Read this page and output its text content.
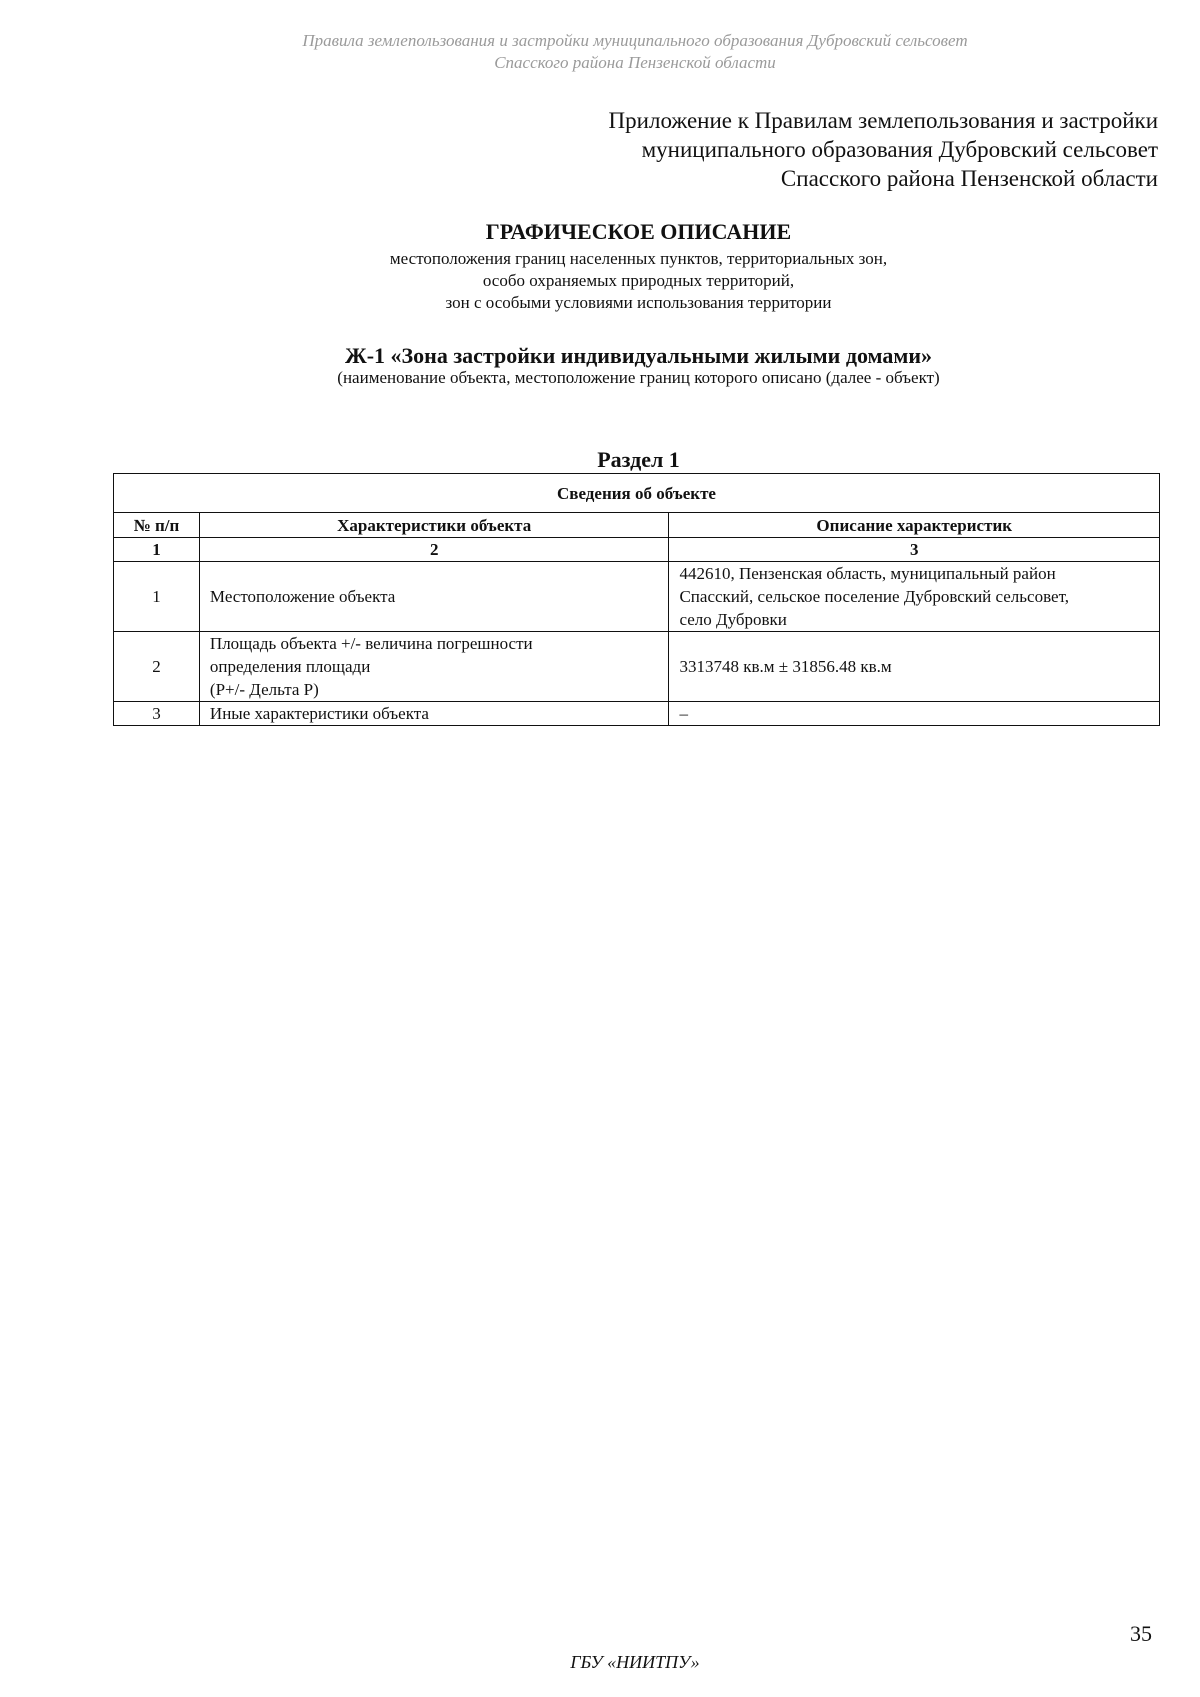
Правила землепользования и застройки муниципального образования Дубровский сельсовет
Спасского района Пензенской области
Приложение к Правилам землепользования и застройки
муниципального образования Дубровский сельсовет
Спасского района Пензенской области
ГРАФИЧЕСКОЕ ОПИСАНИЕ
местоположения границ населенных пунктов, территориальных зон,
особо охраняемых природных территорий,
зон с особыми условиями использования территории
Ж-1 «Зона застройки индивидуальными жилыми домами»
(наименование объекта, местоположение границ которого описано (далее - объект)
Раздел 1
Сведения об объекте		
№ п/п	Характеристики объекта	Описание характеристик
1	2	3
1	Местоположение объекта	442610, Пензенская область, муниципальный район
Спасский, сельское поселение Дубровский сельсовет,
село Дубровки

2	Площадь объекта +/- величина погрешности
определения площади
(Р+/- Дельта Р)	3313748 кв.м ± 31856.48 кв.м

3	Иные характеристики объекта	–
35
ГБУ «НИИТПУ»
